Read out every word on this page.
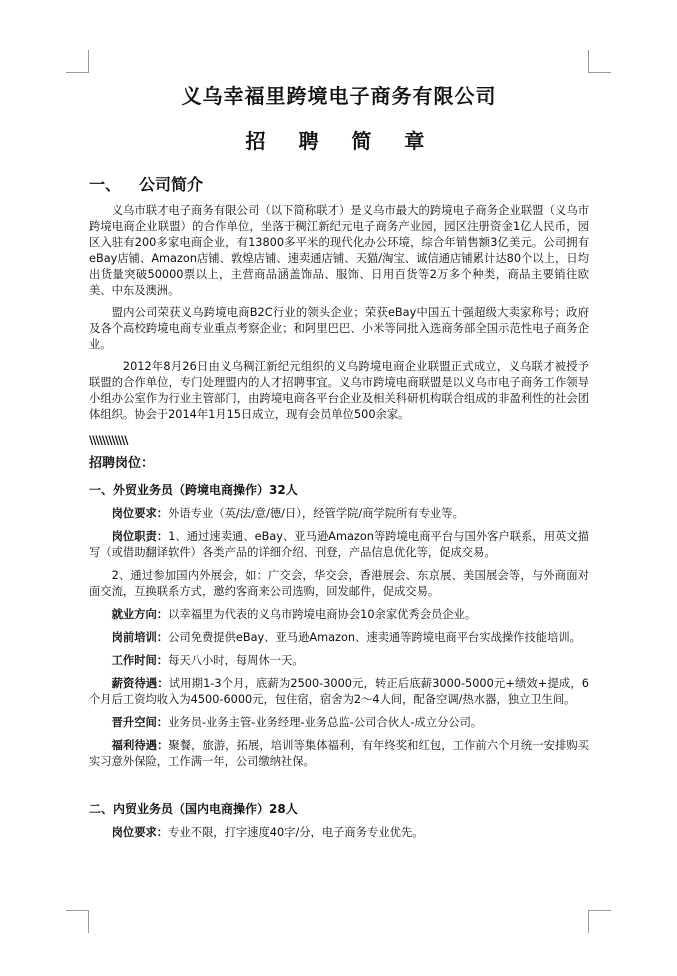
义乌幸福里跨境电子商务有限公司
招 聘 简 章
一、 公司简介

义乌市联才电子商务有限公司（以下简称联才）是义乌市最大的跨境电子商务企业联盟（义乌市跨境电商企业联盟）的合作单位，坐落于稠江新纪元电子商务产业园，园区注册资金1亿人民币，园区入驻有200多家电商企业，有13800多平米的现代化办公环境，综合年销售额3亿美元。公司拥有eBay店铺、Amazon店铺、敦煌店铺、速卖通店铺、天猫/淘宝、诚信通店铺累计达80个以上，日均出货量突破50000票以上，主营商品涵盖饰品、服饰、日用百货等2万多个种类，商品主要销往欧美、中东及澳洲。

盟内公司荣获义乌跨境电商B2C行业的领头企业；荣获eBay中国五十强超级大卖家称号；政府及各个高校跨境电商专业重点考察企业；和阿里巴巴、小米等同批入选商务部全国示范性电子商务企业。

2012年8月26日由义乌稠江新纪元组织的义乌跨境电商企业联盟正式成立，义乌联才被授予联盟的合作单位，专门处理盟内的人才招聘事宜。义乌市跨境电商联盟是以义乌市电子商务工作领导小组办公室作为行业主管部门，由跨境电商各平台企业及相关科研机构联合组成的非盈利性的社会团体组织。协会于2014年1月15日成立，现有会员单位500余家。

\\\\\\\\\\\\
招聘岗位：
一、外贸业务员（跨境电商操作）32人

岗位要求：外语专业（英/法/意/德/日），经管学院/商学院所有专业等。

岗位职责：1、通过速卖通、eBay、亚马逊Amazon等跨境电商平台与国外客户联系，用英文描写（或借助翻译软件）各类产品的详细介绍、刊登，产品信息优化等，促成交易。

2、通过参加国内外展会，如：广交会，华交会，香港展会、东京展、美国展会等，与外商面对面交流，互换联系方式，邀约客商来公司选购，回发邮件，促成交易。

就业方向：以幸福里为代表的义乌市跨境电商协会10余家优秀会员企业。

岗前培训：公司免费提供eBay、亚马逊Amazon、速卖通等跨境电商平台实战操作技能培训。

工作时间：每天八小时，每周休一天。

薪资待遇：试用期1-3个月，底薪为2500-3000元，转正后底薪3000-5000元+绩效+提成，6个月后工资均收入为4500-6000元，包住宿，宿舍为2～4人间，配备空调/热水器，独立卫生间。

晋升空间：业务员-业务主管-业务经理-业务总监-公司合伙人-成立分公司。

福利待遇：聚餐，旅游，拓展，培训等集体福利，有年终奖和红包，工作前六个月统一安排购买实习意外保险，工作满一年，公司缴纳社保。

二、内贸业务员（国内电商操作）28人

岗位要求：专业不限，打字速度40字/分，电子商务专业优先。
